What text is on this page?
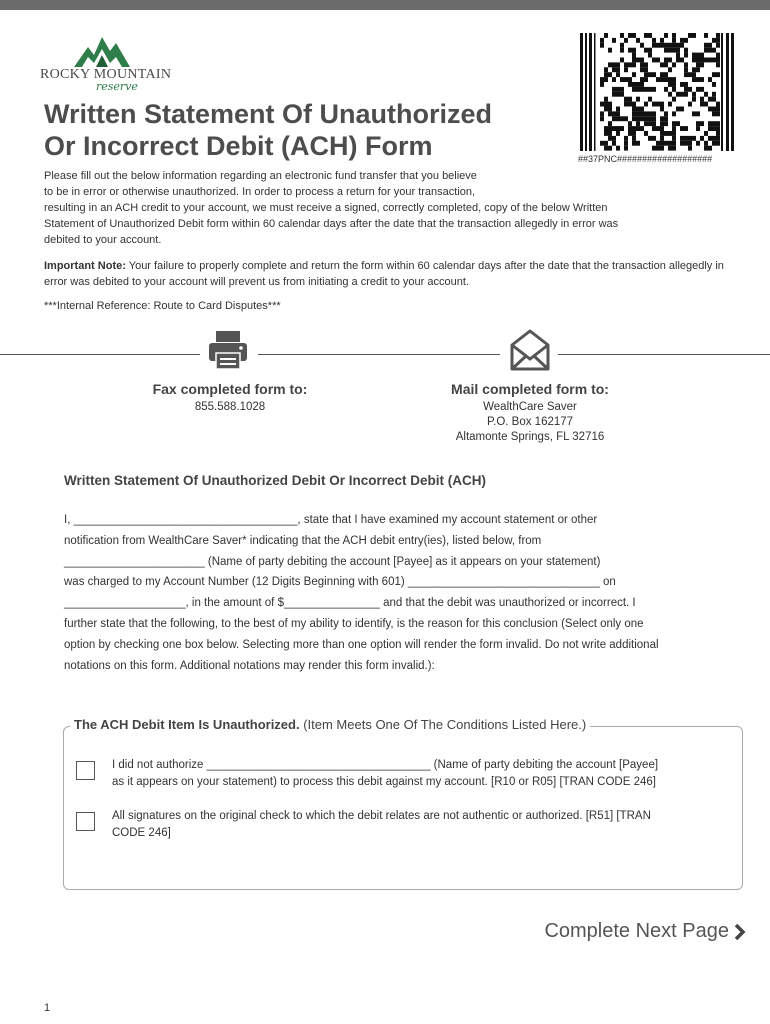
ROCKY MOUNTAIN
reserve
##37PNC###################
Written Statement Of Unauthorized
Or Incorrect Debit (ACH) Form

Please fill out the below information regarding an electronic fund transfer that you believe
to be in error or otherwise unauthorized. In order to process a return for your transaction,
resulting in an ACH credit to your account, we must receive a signed, correctly completed, copy of the below Written
Statement of Unauthorized Debit form within 60 calendar days after the date that the transaction allegedly in error was
debited to your account.

Important Note: Your failure to properly complete and return the form within 60 calendar days after the date that the transaction allegedly in error was debited to your account will prevent us from initiating a credit to your account.

***Internal Reference: Route to Card Disputes***

Fax completed form to:
855.588.1028
Mail completed form to:
WealthCare Saver
P.O. Box 162177
Altamonte Springs, FL 32716
Written Statement Of Unauthorized Debit Or Incorrect Debit (ACH)

I, ___________________________________, state that I have examined my account statement or other
notification from WealthCare Saver* indicating that the ACH debit entry(ies), listed below, from
______________________ (Name of party debiting the account [Payee] as it appears on your statement)
was charged to my Account Number (12 Digits Beginning with 601) ______________________________ on
___________________, in the amount of $_______________ and that the debit was unauthorized or incorrect. I
further state that the following, to the best of my ability to identify, is the reason for this conclusion (Select only one
option by checking one box below. Selecting more than one option will render the form invalid. Do not write additional
notations on this form. Additional notations may render this form invalid.):

The ACH Debit Item Is Unauthorized. (Item Meets One Of The Conditions Listed Here.)

I did not authorize ___________________________________ (Name of party debiting the account [Payee]
as it appears on your statement) to process this debit against my account. [R10 or R05] [TRAN CODE 246]

All signatures on the original check to which the debit relates are not authentic or authorized. [R51] [TRAN
CODE 246]

Complete Next Page
1
